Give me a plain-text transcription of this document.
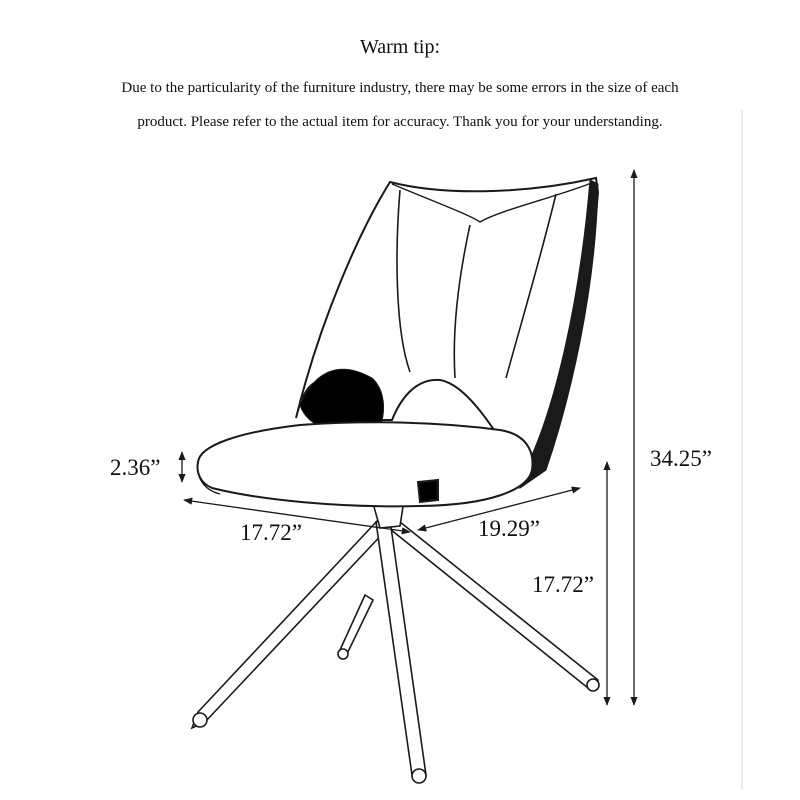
Warm tip:
Due to the particularity of the furniture industry, there may be some errors in the size of each
product. Please refer to the actual item for accuracy. Thank you for your understanding.
2.36”
17.72”	19.29”
17.72”
34.25”
